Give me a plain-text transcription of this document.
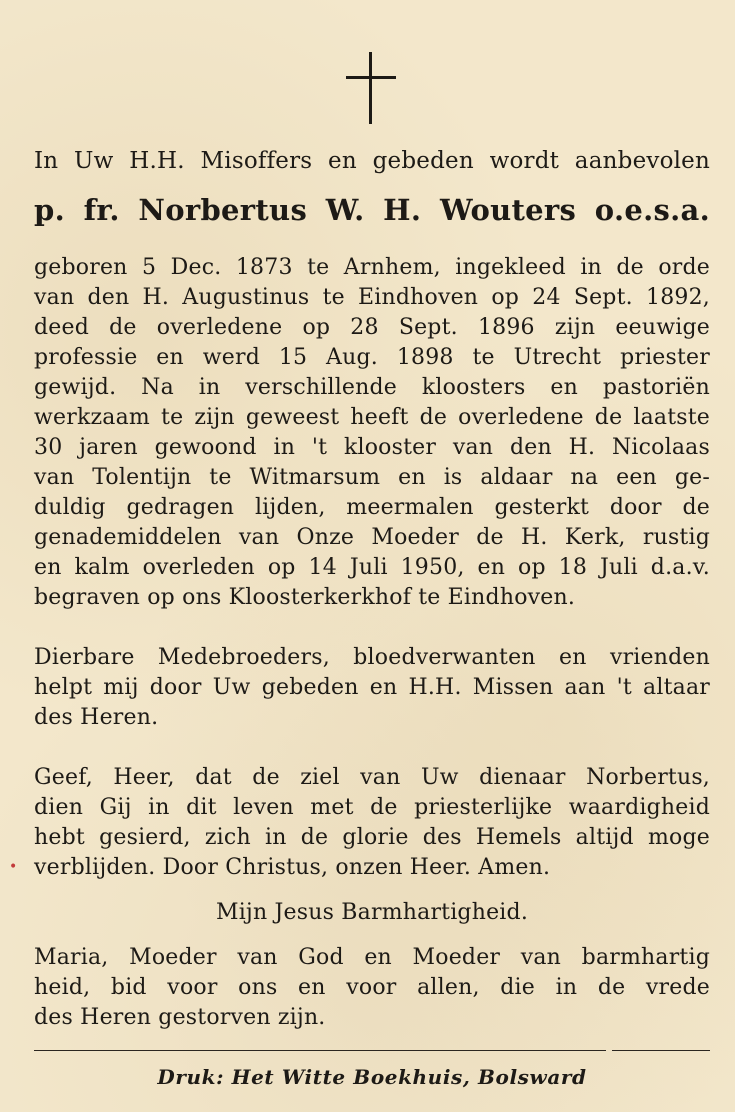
In Uw H.H. Misoffers en gebeden wordt aanbevolen
p. fr. Norbertus W. H. Wouters o.e.s.a.
geboren 5 Dec. 1873 te Arnhem, ingekleed in de orde
van den H. Augustinus te Eindhoven op 24 Sept. 1892,
deed de overledene op 28 Sept. 1896 zijn eeuwige
professie en werd 15 Aug. 1898 te Utrecht priester
gewijd. Na in verschillende kloosters en pastoriën
werkzaam te zijn geweest heeft de overledene de laatste
30 jaren gewoond in 't klooster van den H. Nicolaas
van Tolentijn te Witmarsum en is aldaar na een ge-
duldig gedragen lijden, meermalen gesterkt door de
genademiddelen van Onze Moeder de H. Kerk, rustig
en kalm overleden op 14 Juli 1950, en op 18 Juli d.a.v.
begraven op ons Kloosterkerkhof te Eindhoven.
Dierbare Medebroeders, bloedverwanten en vrienden
helpt mij door Uw gebeden en H.H. Missen aan 't altaar
des Heren.
Geef, Heer, dat de ziel van Uw dienaar Norbertus,
dien Gij in dit leven met de priesterlijke waardigheid
hebt gesierd, zich in de glorie des Hemels altijd moge
verblijden. Door Christus, onzen Heer. Amen.
•
Mijn Jesus Barmhartigheid.
Maria, Moeder van God en Moeder van barmhartig
heid, bid voor ons en voor allen, die in de vrede
des Heren gestorven zijn.
Druk: Het Witte Boekhuis, Bolsward
